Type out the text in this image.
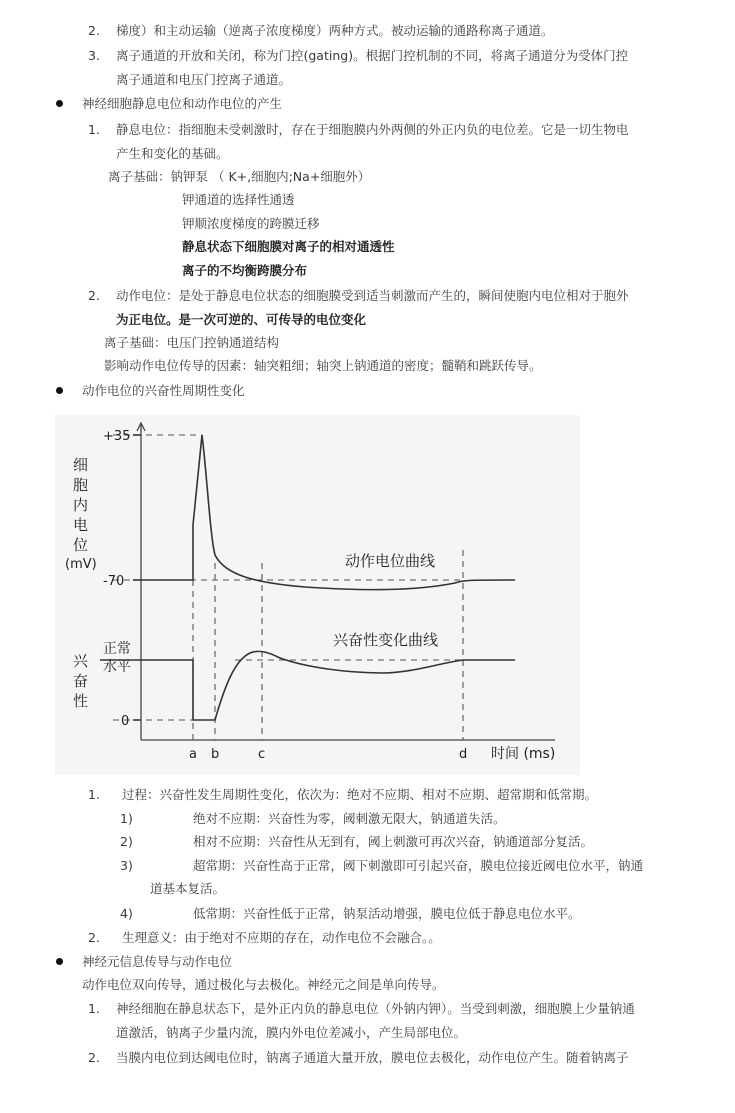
2. 梯度）和主动运输（逆离子浓度梯度）两种方式。被动运输的通路称离子通道。
3. 离子通道的开放和关闭，称为门控(gating)。根据门控机制的不同，将离子通道分为受体门控
离子通道和电压门控离子通道。
神经细胞静息电位和动作电位的产生
1. 静息电位：指细胞未受刺激时，存在于细胞膜内外两侧的外正内负的电位差。它是一切生物电
产生和变化的基础。
离子基础：钠钾泵 （ K+,细胞内;Na+细胞外）
钾通道的选择性通透
钾顺浓度梯度的跨膜迁移
静息状态下细胞膜对离子的相对通透性
离子的不均衡跨膜分布
2. 动作电位：是处于静息电位状态的细胞膜受到适当刺激而产生的，瞬间使胞内电位相对于胞外
为正电位。是一次可逆的、可传导的电位变化
离子基础：电压门控钠通道结构
影响动作电位传导的因素：轴突粗细；轴突上钠通道的密度；髓鞘和跳跃传导。
动作电位的兴奋性周期性变化
+35
-70
0
细
胞
内
电
位
(mV)	动作电位曲线
兴奋性变化曲线
正常
水平
兴
奋
性
a b	c	d 时间 (ms)
1. 过程：兴奋性发生周期性变化，依次为：绝对不应期、相对不应期、超常期和低常期。
1)	绝对不应期：兴奋性为零，阈刺激无限大，钠通道失活。
2)	相对不应期：兴奋性从无到有，阈上刺激可再次兴奋，钠通道部分复活。
3)	超常期：兴奋性高于正常，阈下刺激即可引起兴奋，膜电位接近阈电位水平，钠通
道基本复活。
4)	低常期：兴奋性低于正常，钠泵活动增强，膜电位低于静息电位水平。
2. 生理意义：由于绝对不应期的存在，动作电位不会融合。。
神经元信息传导与动作电位
动作电位双向传导，通过极化与去极化。神经元之间是单向传导。
1. 神经细胞在静息状态下，是外正内负的静息电位（外钠内钾）。当受到刺激，细胞膜上少量钠通
道激活，钠离子少量内流，膜内外电位差减小，产生局部电位。
2. 当膜内电位到达阈电位时，钠离子通道大量开放，膜电位去极化，动作电位产生。随着钠离子
